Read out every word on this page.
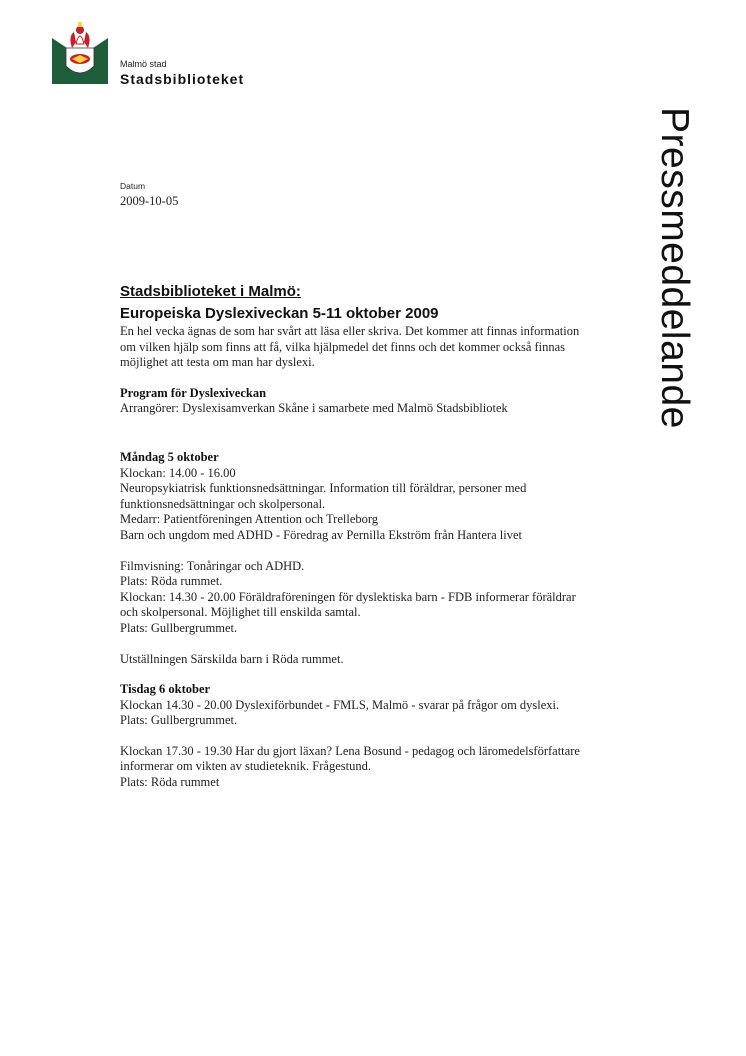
Malmö stad
Stadsbiblioteket
Pressmeddelande
Datum
2009-10-05
Stadsbiblioteket i Malmö:
Europeiska Dyslexiveckan 5-11 oktober 2009

En hel vecka ägnas de som har svårt att läsa eller skriva. Det kommer att finnas information om vilken hjälp som finns att få, vilka hjälpmedel det finns och det kommer också finnas möjlighet att testa om man har dyslexi.

Program för Dyslexiveckan

Arrangörer: Dyslexisamverkan Skåne i samarbete med Malmö Stadsbibliotek

Måndag 5 oktober

Klockan: 14.00 - 16.00

Neuropsykiatrisk funktionsnedsättningar. Information till föräldrar, personer med funktionsnedsättningar och skolpersonal.

Medarr: Patientföreningen Attention och Trelleborg

Barn och ungdom med ADHD - Föredrag av Pernilla Ekström från Hantera livet

Filmvisning: Tonåringar och ADHD.

Plats: Röda rummet.

Klockan: 14.30 - 20.00 Föräldraföreningen för dyslektiska barn - FDB informerar föräldrar och skolpersonal. Möjlighet till enskilda samtal.

Plats: Gullbergrummet.

Utställningen Särskilda barn i Röda rummet.

Tisdag 6 oktober

Klockan 14.30 - 20.00 Dyslexiförbundet - FMLS, Malmö - svarar på frågor om dyslexi.

Plats: Gullbergrummet.

Klockan 17.30 - 19.30 Har du gjort läxan? Lena Bosund - pedagog och läromedelsförfattare informerar om vikten av studieteknik. Frågestund.

Plats: Röda rummet
